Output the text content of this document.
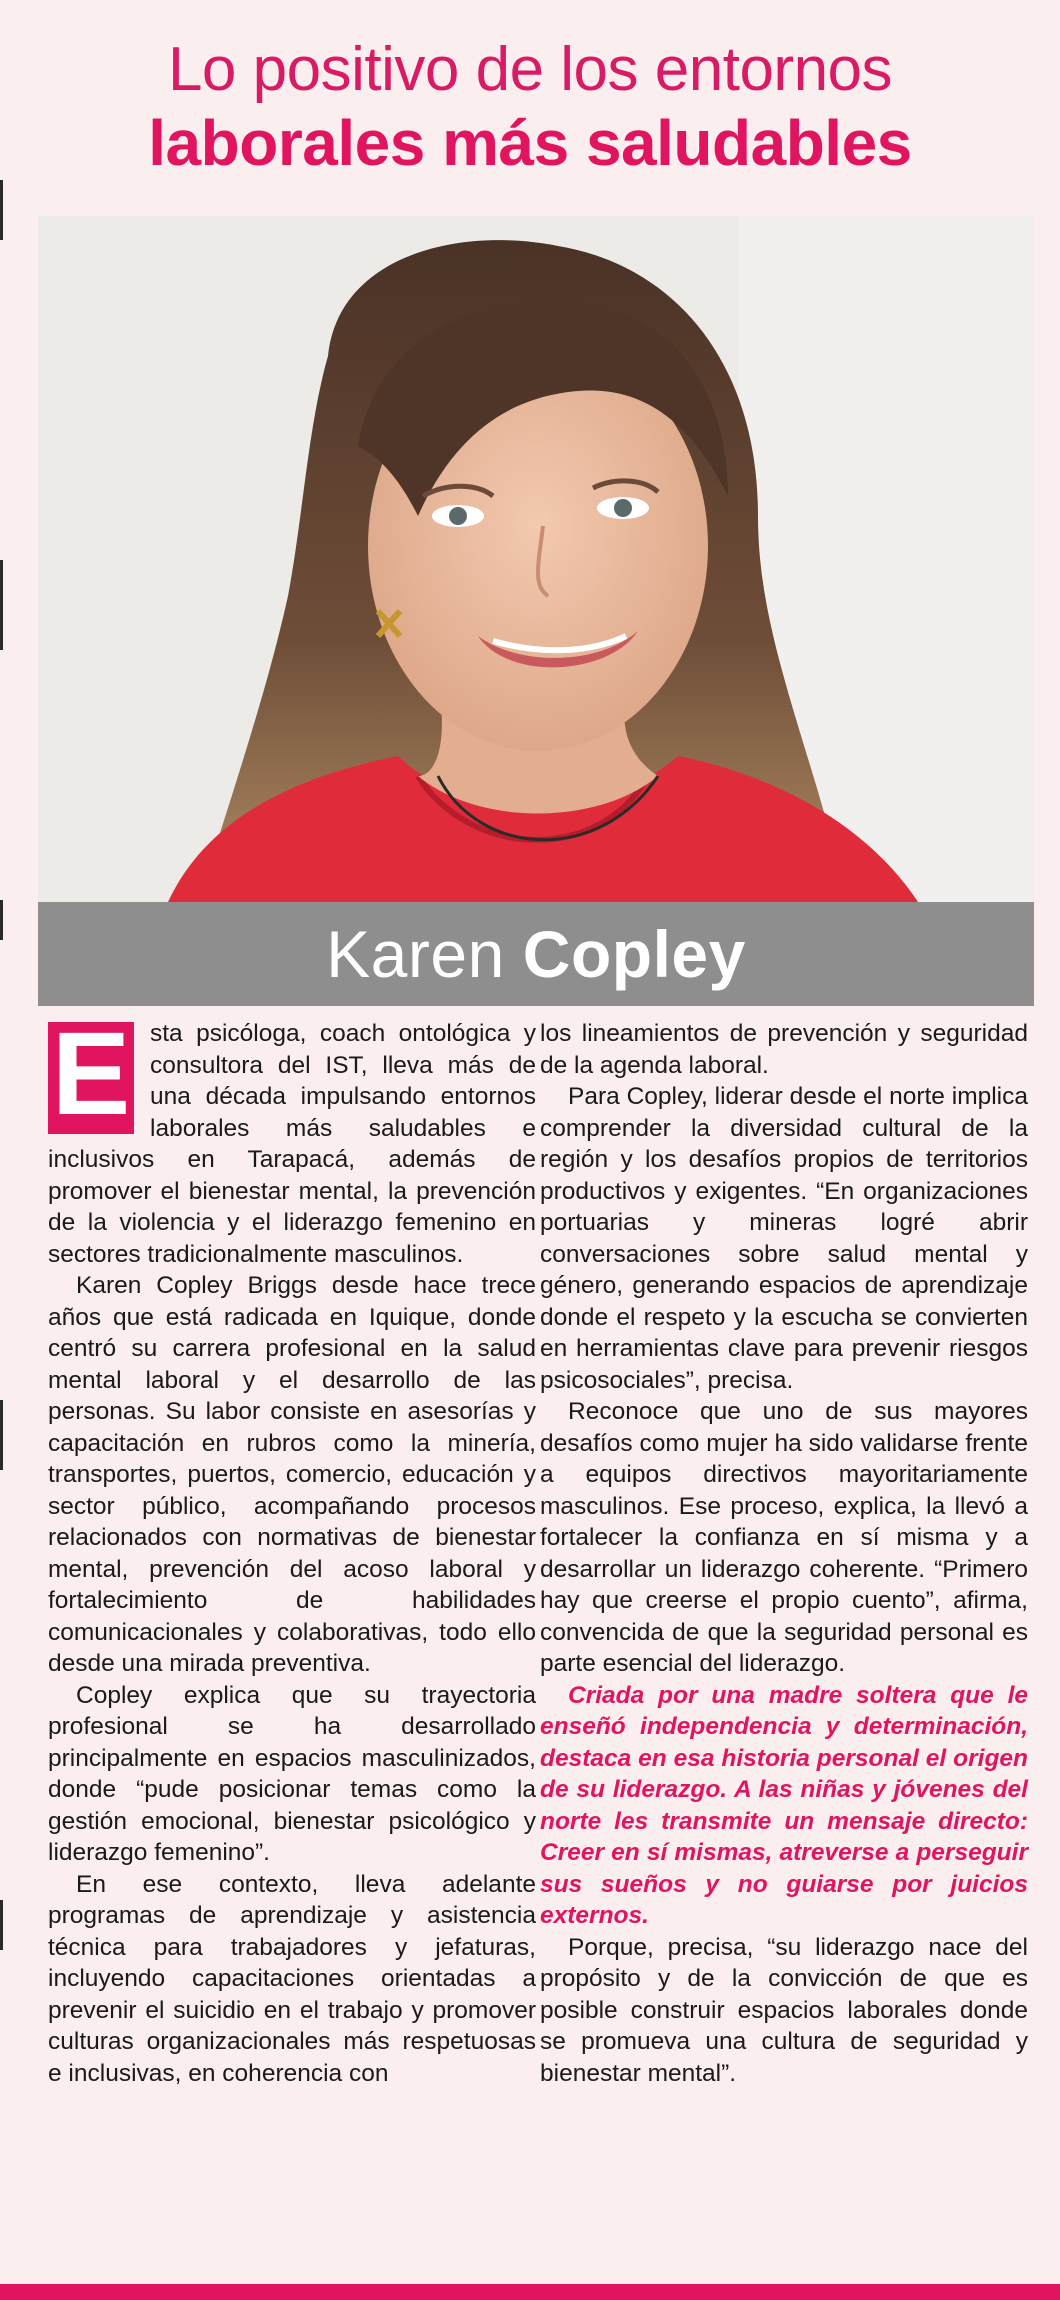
Lo positivo de los entornos
laborales más saludables
Karen Copley

E sta psicóloga, coach ontológica y consultora del IST, lleva más de una década impulsando entornos laborales más saludables e inclusivos en Tarapacá, además de promover el bienestar mental, la prevención de la violencia y el liderazgo femenino en sectores tradicionalmente masculinos.

Karen Copley Briggs desde hace trece años que está radicada en Iquique, donde centró su carrera profesional en la salud mental laboral y el desarrollo de las personas. Su labor consiste en asesorías y capacitación en rubros como la minería, transportes, puertos, comercio, educación y sector público, acompañando procesos relacionados con normativas de bienestar mental, prevención del acoso laboral y fortalecimiento de habilidades comunicacionales y colaborativas, todo ello desde una mirada preventiva.

Copley explica que su trayectoria profesional se ha desarrollado principalmente en espacios masculinizados, donde “pude posicionar temas como la gestión emocional, bienestar psicológico y liderazgo femenino”.

En ese contexto, lleva adelante programas de aprendizaje y asistencia técnica para trabajadores y jefaturas, incluyendo capacitaciones orientadas a prevenir el suicidio en el trabajo y promover culturas organizacionales más respetuosas e inclusivas, en coherencia con

los lineamientos de prevención y seguridad de la agenda laboral.

Para Copley, liderar desde el norte implica comprender la diversidad cultural de la región y los desafíos propios de territorios productivos y exigentes. “En organizaciones portuarias y mineras logré abrir conversaciones sobre salud mental y género, generando espacios de aprendizaje donde el respeto y la escucha se convierten en herramientas clave para prevenir riesgos psicosociales”, precisa.

Reconoce que uno de sus mayores desafíos como mujer ha sido validarse frente a equipos directivos mayoritariamente masculinos. Ese proceso, explica, la llevó a fortalecer la confianza en sí misma y a desarrollar un liderazgo coherente. “Primero hay que creerse el propio cuento”, afirma, convencida de que la seguridad personal es parte esencial del liderazgo.

Criada por una madre soltera que le enseñó independencia y determinación, destaca en esa historia personal el origen de su liderazgo. A las niñas y jóvenes del norte les transmite un mensaje directo: Creer en sí mismas, atreverse a perseguir sus sueños y no guiarse por juicios externos.

Porque, precisa, “su liderazgo nace del propósito y de la convicción de que es posible construir espacios laborales donde se promueva una cultura de seguridad y bienestar mental”.
